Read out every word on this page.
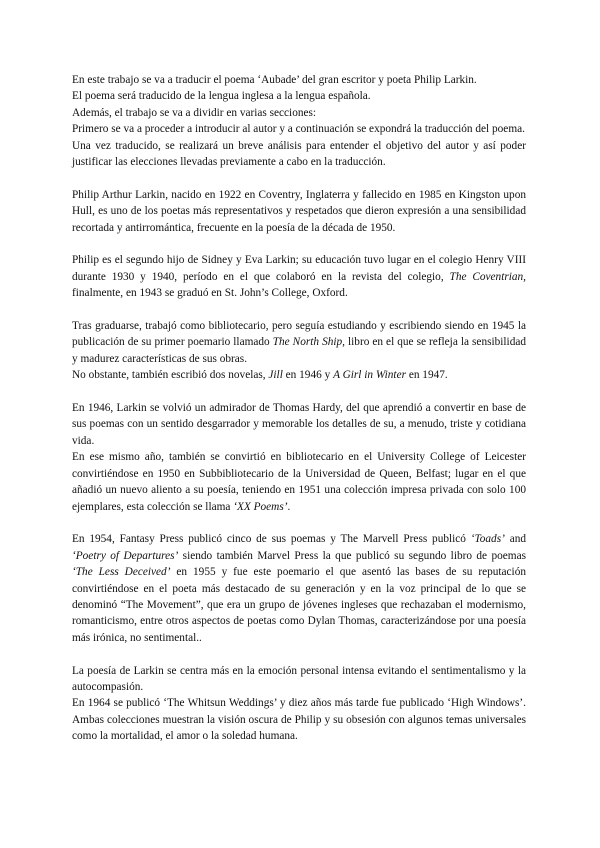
En este trabajo se va a traducir el poema ‘Aubade’ del gran escritor y poeta Philip Larkin.

El poema será traducido de la lengua inglesa a la lengua española.

Además, el trabajo se va a dividir en varias secciones:

Primero se va a proceder a introducir al autor y a continuación se expondrá la traducción del poema.

Una vez traducido, se realizará un breve análisis para entender el objetivo del autor y así poder justificar las elecciones llevadas previamente a cabo en la traducción.

Philip Arthur Larkin, nacido en 1922 en Coventry, Inglaterra y fallecido en 1985 en Kingston upon Hull, es uno de los poetas más representativos y respetados que dieron expresión a una sensibilidad recortada y antirromántica, frecuente en la poesía de la década de 1950.

Philip es el segundo hijo de Sidney y Eva Larkin; su educación tuvo lugar en el colegio Henry VIII durante 1930 y 1940, período en el que colaboró en la revista del colegio, The Coventrian, finalmente, en 1943 se graduó en St. John’s College, Oxford.

Tras graduarse, trabajó como bibliotecario, pero seguía estudiando y escribiendo siendo en 1945 la publicación de su primer poemario llamado The North Ship, libro en el que se refleja la sensibilidad y madurez características de sus obras.

No obstante, también escribió dos novelas, Jill en 1946 y A Girl in Winter en 1947.

En 1946, Larkin se volvió un admirador de Thomas Hardy, del que aprendió a convertir en base de sus poemas con un sentido desgarrador y memorable los detalles de su, a menudo, triste y cotidiana vida.

En ese mismo año, también se convirtió en bibliotecario en el University College of Leicester convirtiéndose en 1950 en Subbibliotecario de la Universidad de Queen, Belfast; lugar en el que añadió un nuevo aliento a su poesía, teniendo en 1951 una colección impresa privada con solo 100 ejemplares, esta colección se llama ‘XX Poems’.

En 1954, Fantasy Press publicó cinco de sus poemas y The Marvell Press publicó ‘Toads’ and ‘Poetry of Departures’ siendo también Marvel Press la que publicó su segundo libro de poemas ‘The Less Deceived’ en 1955 y fue este poemario el que asentó las bases de su reputación convirtiéndose en el poeta más destacado de su generación y en la voz principal de lo que se denominó “The Movement”, que era un grupo de jóvenes ingleses que rechazaban el modernismo, romanticismo, entre otros aspectos de poetas como Dylan Thomas, caracterizándose por una poesía más irónica, no sentimental..

La poesía de Larkin se centra más en la emoción personal intensa evitando el sentimentalismo y la autocompasión.

En 1964 se publicó ‘The Whitsun Weddings’ y diez años más tarde fue publicado ‘High Windows’. Ambas colecciones muestran la visión oscura de Philip y su obsesión con algunos temas universales como la mortalidad, el amor o la soledad humana.
